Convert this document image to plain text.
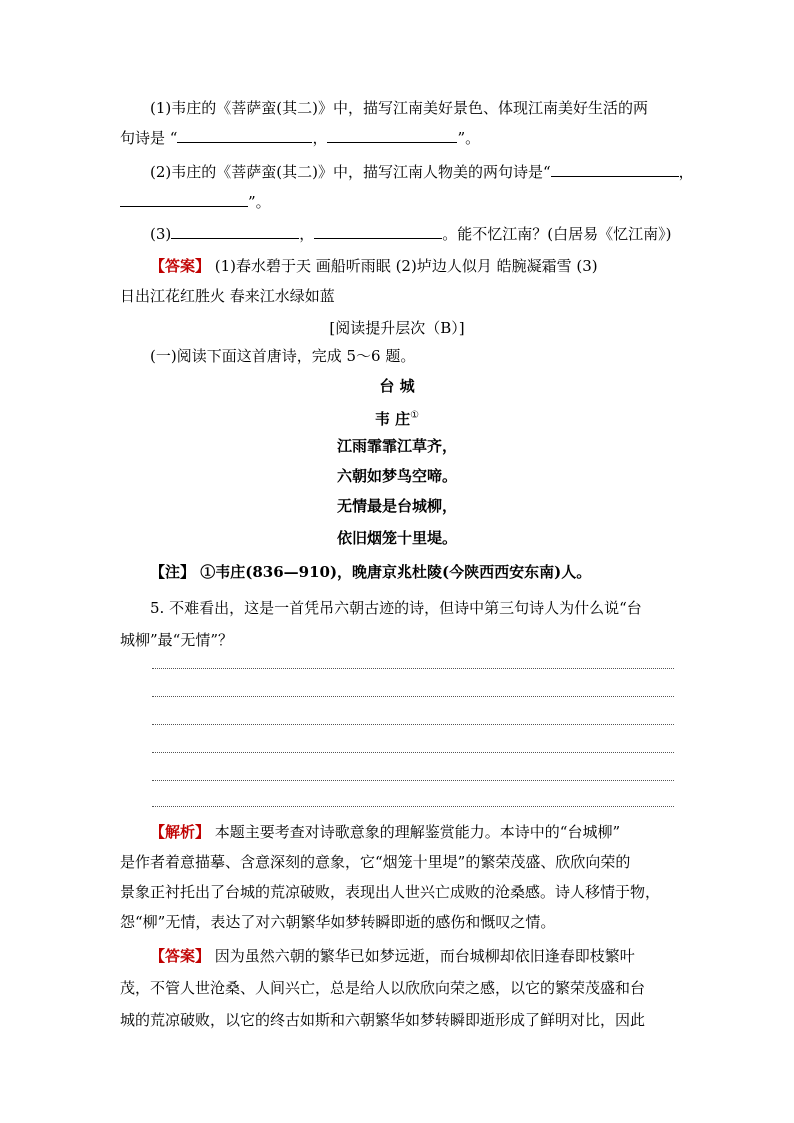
(1)韦庄的《菩萨蛮(其二)》中，描写江南美好景色、体现江南美好生活的两
句诗是 “	，	”。
(2)韦庄的《菩萨蛮(其二)》中，描写江南人物美的两句诗是“	，
”。
(3)	，	。能不忆江南？(白居易《忆江南》)
【答案】 (1)春水碧于天 画船听雨眠 (2)垆边人似月 皓腕凝霜雪 (3)
日出江花红胜火 春来江水绿如蓝
[阅读提升层次（B）]
(一)阅读下面这首唐诗，完成 5～6 题。
台 城
韦 庄①
江雨霏霏江草齐，
六朝如梦鸟空啼。
无情最是台城柳，
依旧烟笼十里堤。
【注】 ①韦庄(836—910)，晚唐京兆杜陵(今陕西西安东南)人。
5. 不难看出，这是一首凭吊六朝古迹的诗，但诗中第三句诗人为什么说“台
城柳”最“无情”？
【解析】 本题主要考查对诗歌意象的理解鉴赏能力。本诗中的“台城柳”
是作者着意描摹、含意深刻的意象，它“烟笼十里堤”的繁荣茂盛、欣欣向荣的
景象正衬托出了台城的荒凉破败，表现出人世兴亡成败的沧桑感。诗人移情于物，
怨“柳”无情，表达了对六朝繁华如梦转瞬即逝的感伤和慨叹之情。
【答案】 因为虽然六朝的繁华已如梦远逝，而台城柳却依旧逢春即枝繁叶
茂，不管人世沧桑、人间兴亡，总是给人以欣欣向荣之感，以它的繁荣茂盛和台
城的荒凉破败，以它的终古如斯和六朝繁华如梦转瞬即逝形成了鲜明对比，因此
